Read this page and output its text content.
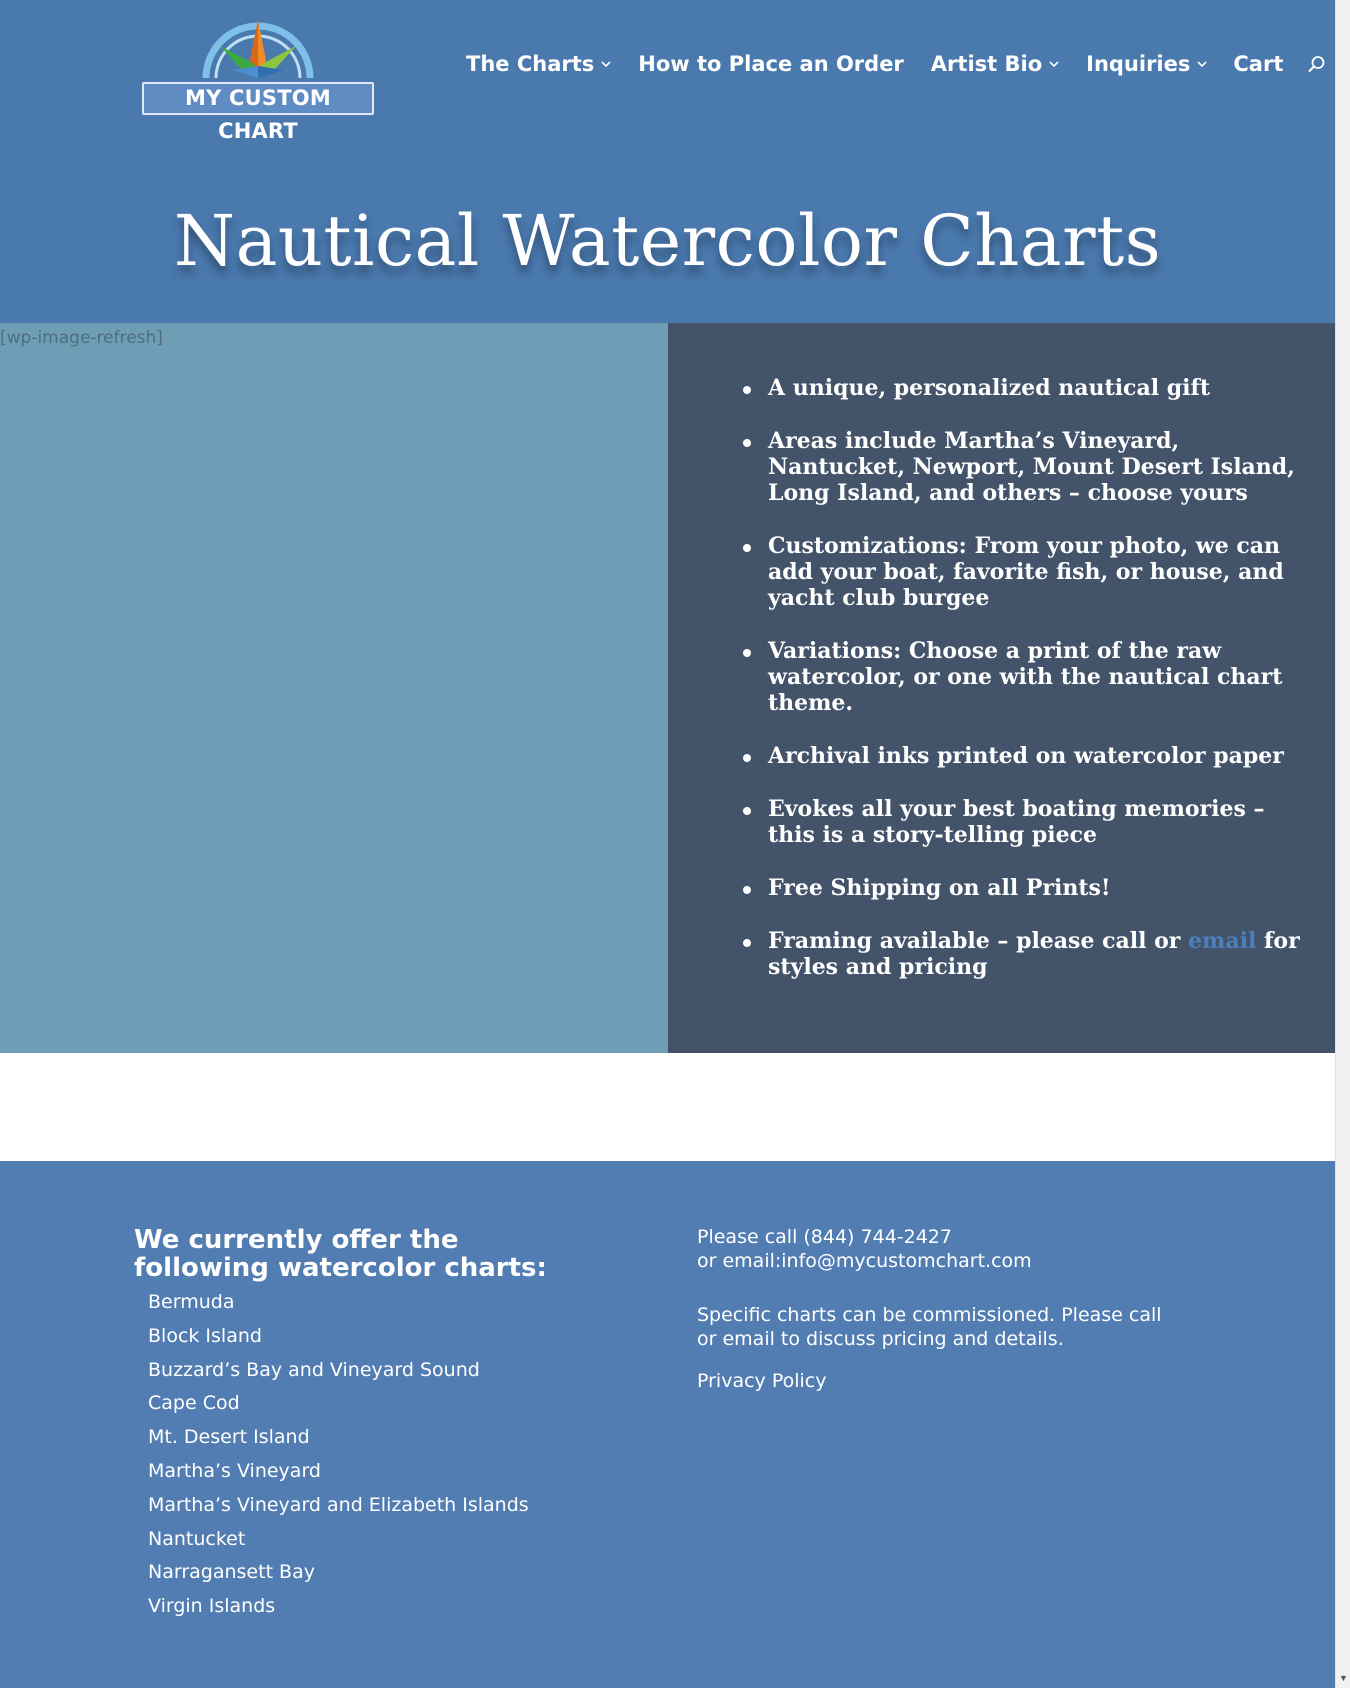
MY CUSTOM CHART
The Charts How to Place an Order Artist Bio Inquiries Cart
Nautical Watercolor Charts
[wp-image-refresh]
A unique, personalized nautical gift
Areas include Martha’s Vineyard, Nantucket, Newport, Mount Desert Island, Long Island, and others – choose yours
Customizations: From your photo, we can add your boat, favorite fish, or house, and yacht club burgee
Variations: Choose a print of the raw watercolor, or one with the nautical chart theme.
Archival inks printed on watercolor paper
Evokes all your best boating memories – this is a story-telling piece
Free Shipping on all Prints!
Framing available – please call or email for styles and pricing
We currently offer the following watercolor charts:
Bermuda
Block Island
Buzzard’s Bay and Vineyard Sound
Cape Cod
Mt. Desert Island
Martha’s Vineyard
Martha’s Vineyard and Elizabeth Islands
Nantucket
Narragansett Bay
Virgin Islands

Please call (844) 744-2427
or email:info@mycustomchart.com

Specific charts can be commissioned. Please call or email to discuss pricing and details.

Privacy Policy

▼
